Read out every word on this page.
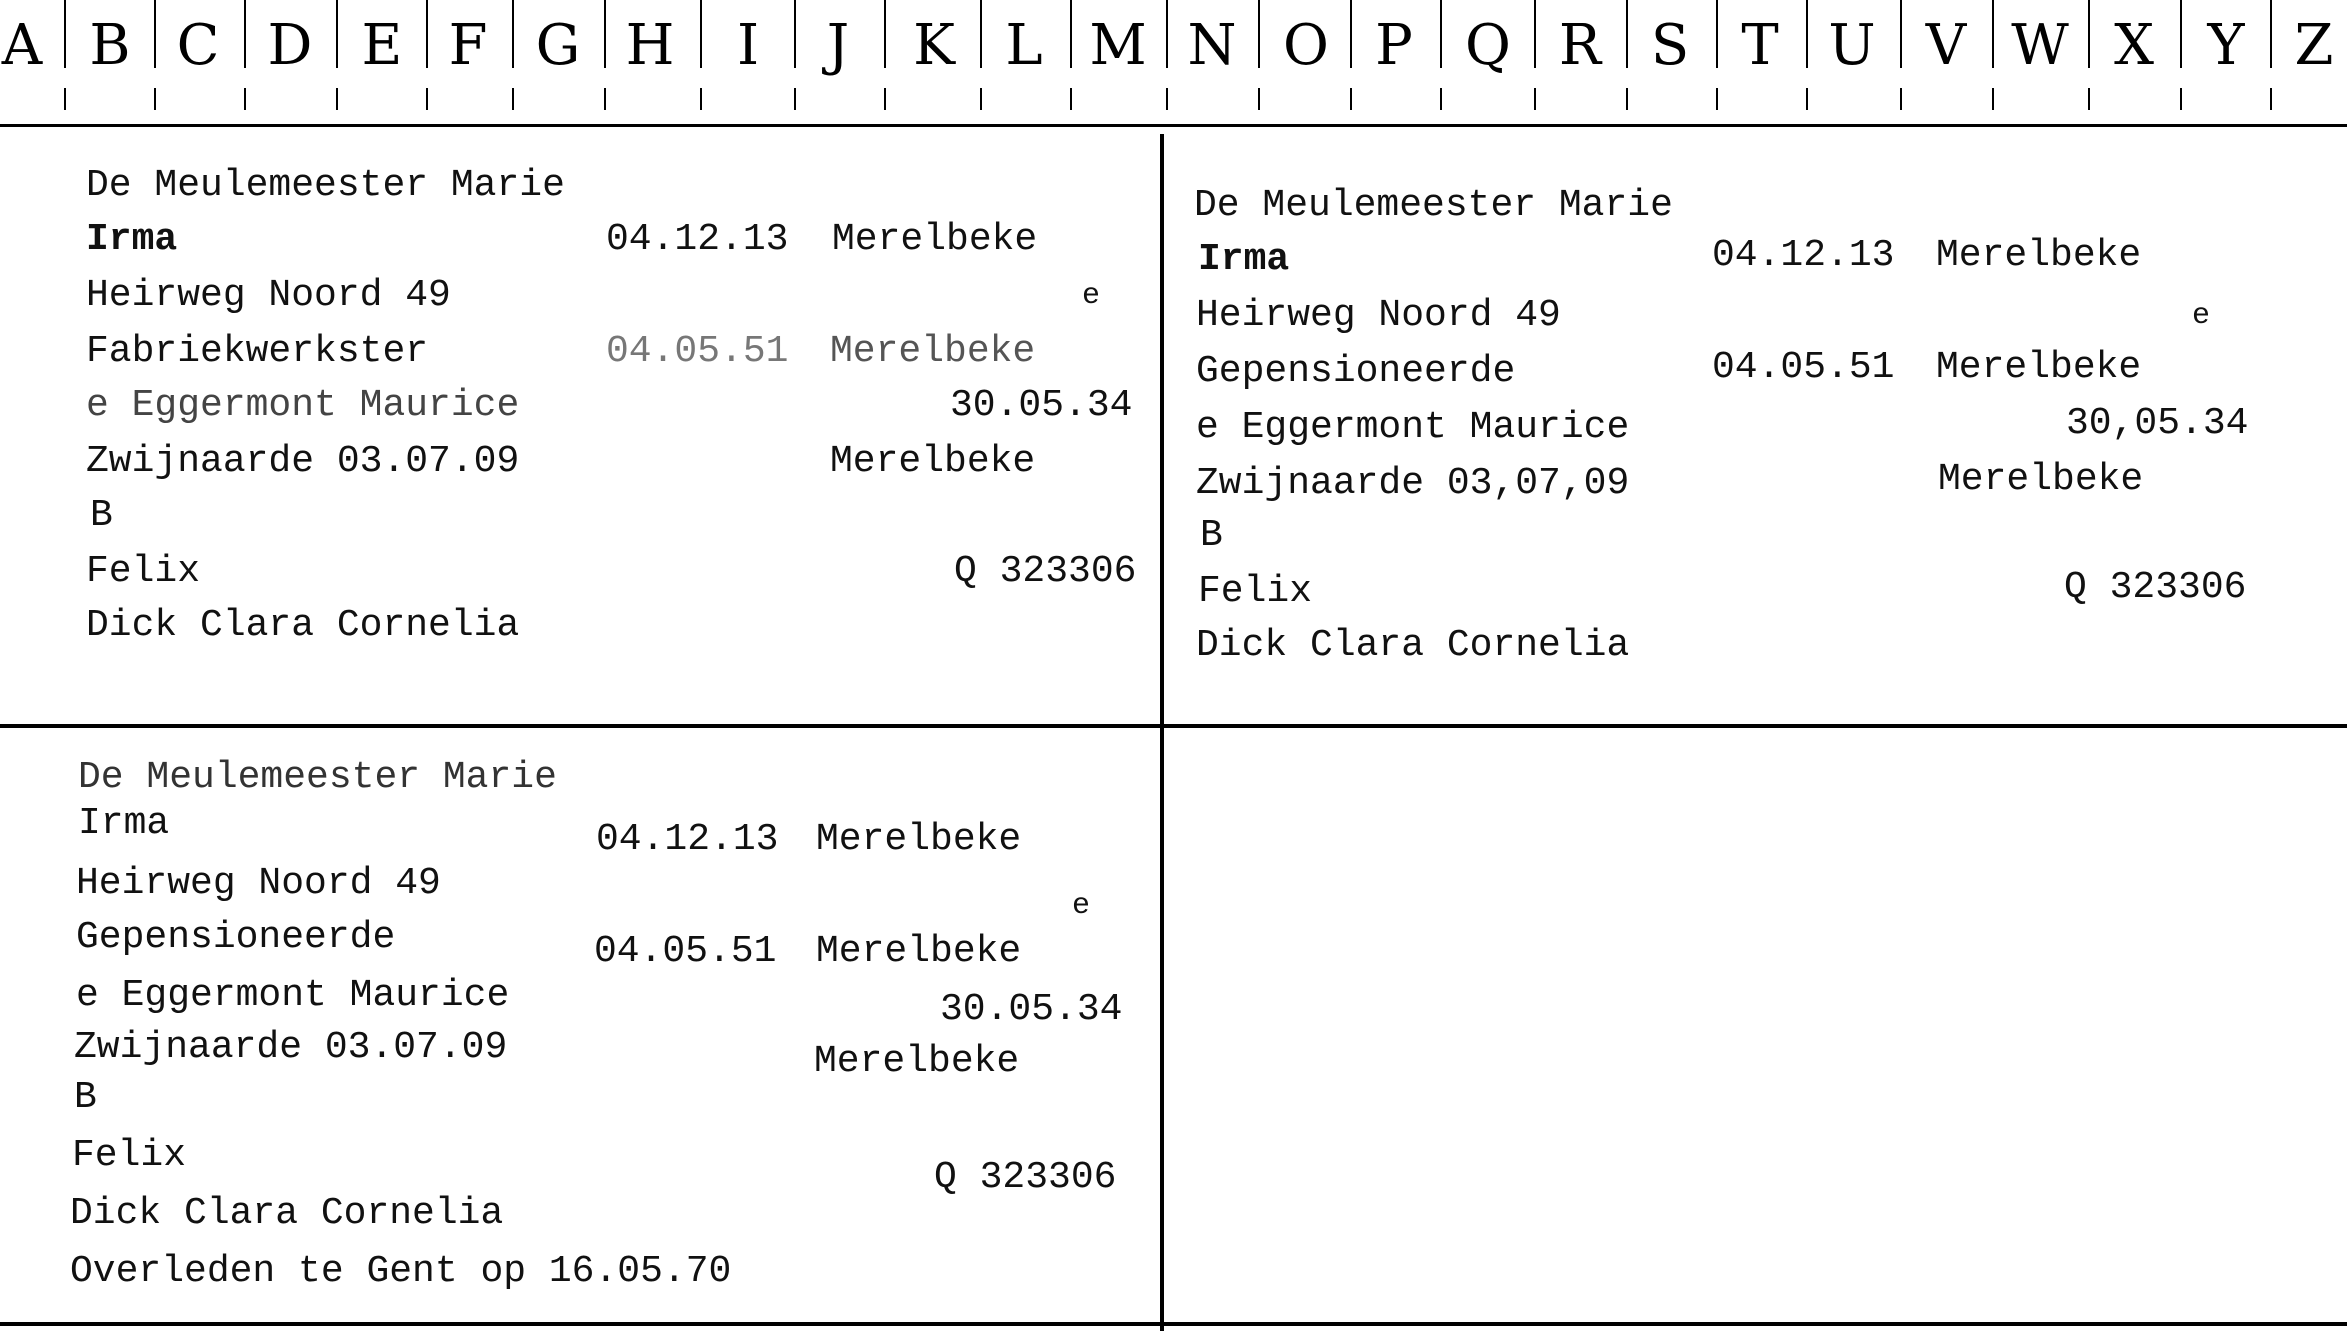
A B C D E F G H	I	J	K L M N O P Q R S T U V W X Y Z
De Meulemeester Marie
Irma	04.12.13 Merelbeke
Heirweg Noord 49	e
Fabriekwerkster	04.05.51 Merelbeke
e Eggermont Maurice	30.05.34
Zwijnaarde 03.07.09	Merelbeke
B
Felix	Q 323306
Dick Clara Cornelia
De Meulemeester Marie
Irma	04.12.13 Merelbeke
Heirweg Noord 49	e
Gepensioneerde	04.05.51 Merelbeke
e Eggermont Maurice	30,05.34
Zwijnaarde 03,07,09	Merelbeke
B
Felix	Q 323306
Dick Clara Cornelia
De Meulemeester Marie
Irma	04.12.13 Merelbeke
Heirweg Noord 49
e
Gepensioneerde	04.05.51 Merelbeke
e Eggermont Maurice	30.05.34
Zwijnaarde 03.07.09	Merelbeke
B
Felix
Q 323306
Dick Clara Cornelia
Overleden te Gent op 16.05.70
